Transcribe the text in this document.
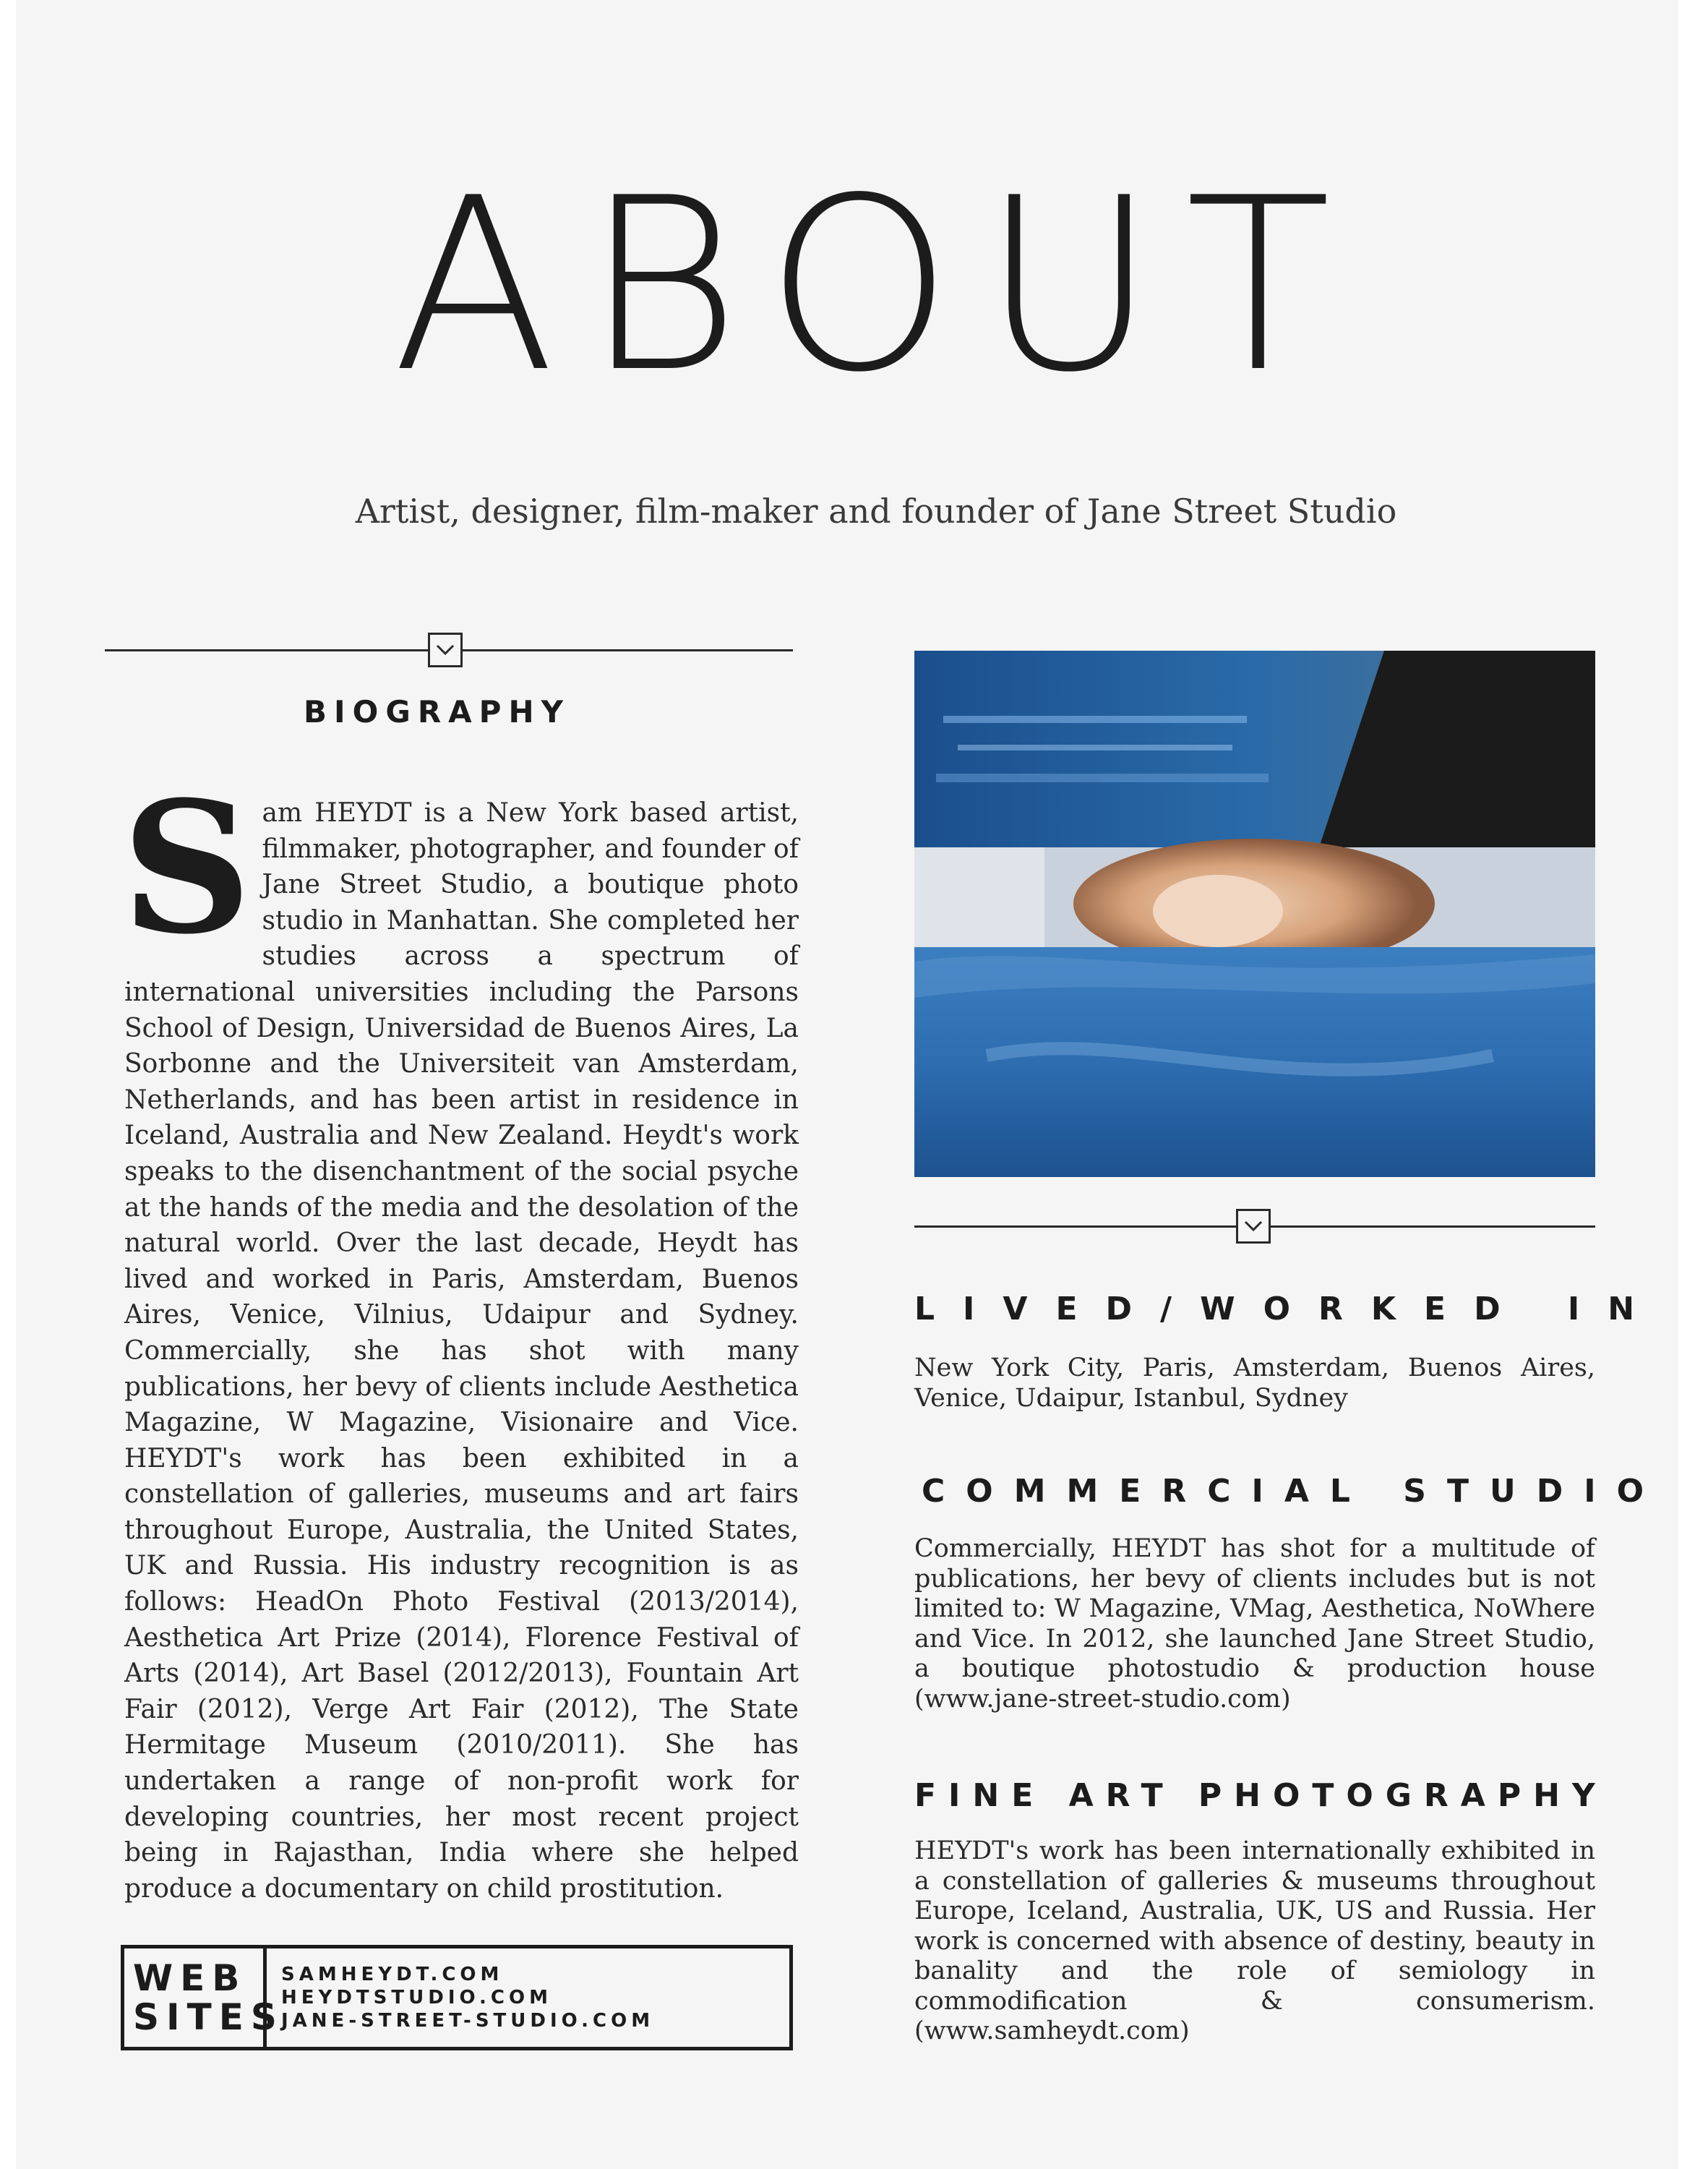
ABOUT
Artist, designer, film-maker and founder of Jane Street Studio
BIOGRAPHY
Sam HEYDT is a New York based artist, filmmaker, photographer, and founder of Jane Street Studio, a boutique photo studio in Manhattan. She completed her studies across a spectrum of international universities including the Parsons School of Design, Universidad de Buenos Aires, La Sorbonne and the Universiteit van Amsterdam, Netherlands, and has been artist in residence in Iceland, Australia and New Zealand. Heydt's work speaks to the disenchantment of the social psyche at the hands of the media and the desolation of the natural world. Over the last decade, Heydt has lived and worked in Paris, Amsterdam, Buenos Aires, Venice, Vilnius, Udaipur and Sydney. Commercially, she has shot with many publications, her bevy of clients include Aesthetica Magazine, W Magazine, Visionaire and Vice. HEYDT's work has been exhibited in a constellation of galleries, museums and art fairs throughout Europe, Australia, the United States, UK and Russia. His industry recognition is as follows: HeadOn Photo Festival (2013/2014), Aesthetica Art Prize (2014), Florence Festival of Arts (2014), Art Basel (2012/2013), Fountain Art Fair (2012), Verge Art Fair (2012), The State Hermitage Museum (2010/2011). She has undertaken a range of non-profit work for developing countries, her most recent project being in Rajasthan, India where she helped produce a documentary on child prostitution.
WEB
SITES
SAMHEYDT.COM
HEYDTSTUDIO.COM
JANE-STREET-STUDIO.COM
LIVED/WORKED IN
New York City, Paris, Amsterdam, Buenos Aires, Venice, Udaipur, Istanbul, Sydney
COMMERCIAL STUDIO
Commercially, HEYDT has shot for a multitude of publications, her bevy of clients includes but is not limited to: W Magazine, VMag, Aesthetica, NoWhere and Vice. In 2012, she launched Jane Street Studio, a boutique photostudio & production house (www.jane-street-studio.com)
FINE ART PHOTOGRAPHY
HEYDT's work has been internationally exhibited in a constellation of galleries & museums throughout Europe, Iceland, Australia, UK, US and Russia. Her work is concerned with absence of destiny, beauty in banality and the role of semiology in commodification & consumerism. (www.samheydt.com)
